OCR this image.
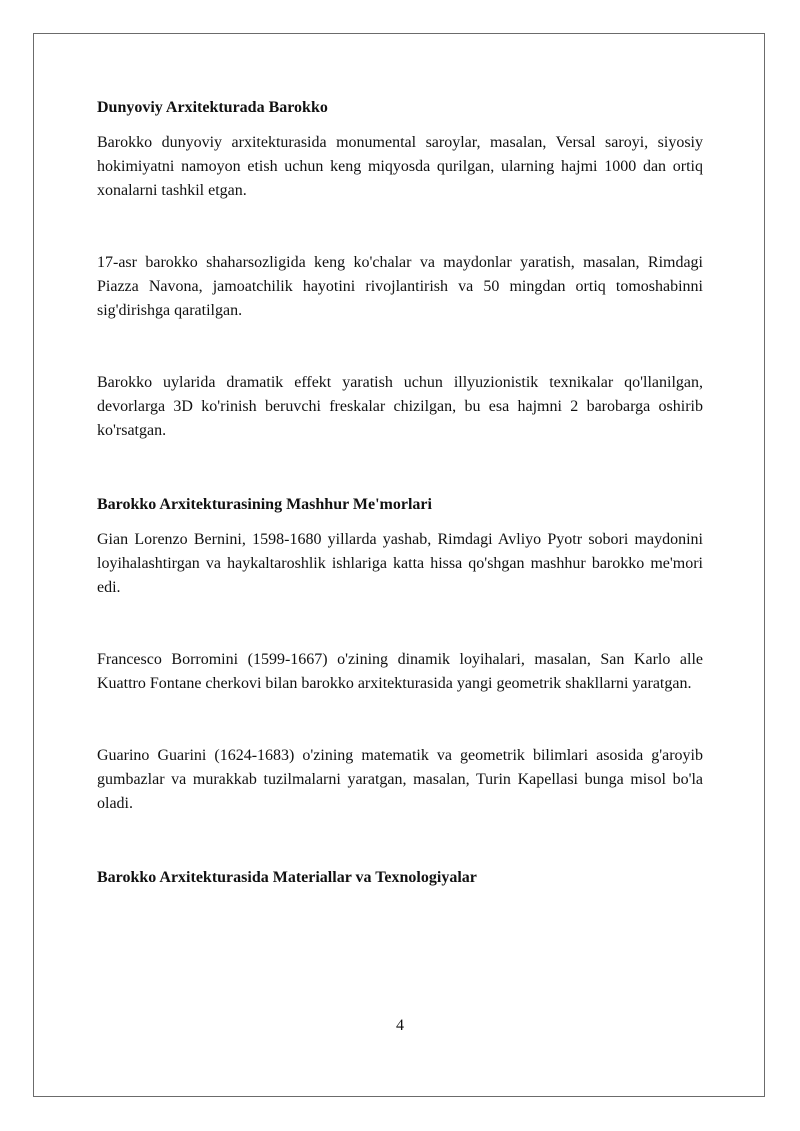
Dunyoviy Arxitekturada Barokko

Barokko dunyoviy arxitekturasida monumental saroylar, masalan, Versal saroyi, siyosiy hokimiyatni namoyon etish uchun keng miqyosda qurilgan, ularning hajmi 1000 dan ortiq xonalarni tashkil etgan.

17-asr barokko shaharsozligida keng ko'chalar va maydonlar yaratish, masalan, Rimdagi Piazza Navona, jamoatchilik hayotini rivojlantirish va 50 mingdan ortiq tomoshabinni sig'dirishga qaratilgan.

Barokko uylarida dramatik effekt yaratish uchun illyuzionistik texnikalar qo'llanilgan, devorlarga 3D ko'rinish beruvchi freskalar chizilgan, bu esa hajmni 2 barobarga oshirib ko'rsatgan.

Barokko Arxitekturasining Mashhur Me'morlari

Gian Lorenzo Bernini, 1598-1680 yillarda yashab, Rimdagi Avliyo Pyotr sobori maydonini loyihalashtirgan va haykaltaroshlik ishlariga katta hissa qo'shgan mashhur barokko me'mori edi.

Francesco Borromini (1599-1667) o'zining dinamik loyihalari, masalan, San Karlo alle Kuattro Fontane cherkovi bilan barokko arxitekturasida yangi geometrik shakllarni yaratgan.

Guarino Guarini (1624-1683) o'zining matematik va geometrik bilimlari asosida g'aroyib gumbazlar va murakkab tuzilmalarni yaratgan, masalan, Turin Kapellasi bunga misol bo'la oladi.

Barokko Arxitekturasida Materiallar va Texnologiyalar
4
